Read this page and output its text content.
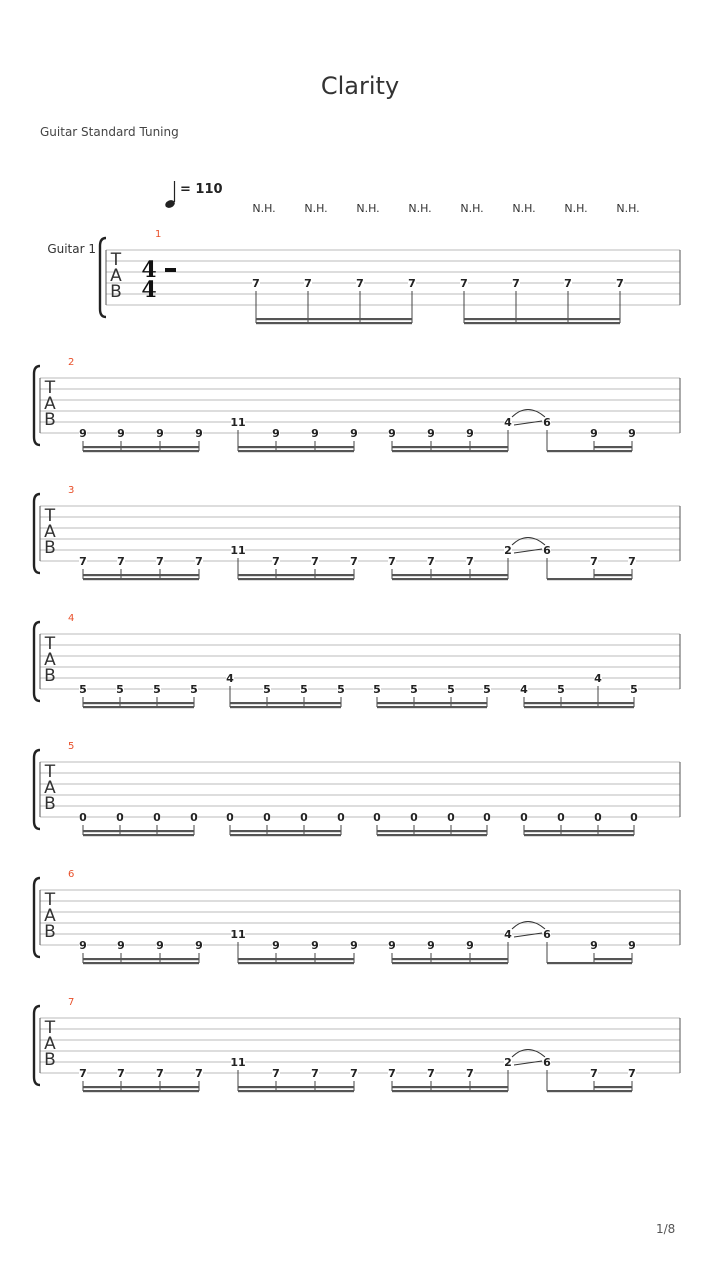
Clarity
Guitar Standard Tuning
1/8
T
A
B
1
Guitar 1
4
4
= 110
N.H.	N.H.	N.H.	N.H.	N.H.	N.H.	N.H.	N.H.
7	7	7	7	7	7	7	7
T
A
B
2
9	9	9	9
11
9	9	9	9	9	9
4	6
9	9
T
A
B
3
7	7	7	7
11
7	7	7	7	7	7
2	6
7	7
T
A
B
4
5	5	5	5
4
5	5	5	5	5	5	5	4	5
4
5
T
A
B
5
0	0	0	0	0	0	0	0	0	0	0	0	0	0	0	0
T
A
B
6
9	9	9	9
11
9	9	9	9	9	9
4	6
9	9
T
A
B
7
7	7	7	7
11
7	7	7	7	7	7
2	6
7	7
